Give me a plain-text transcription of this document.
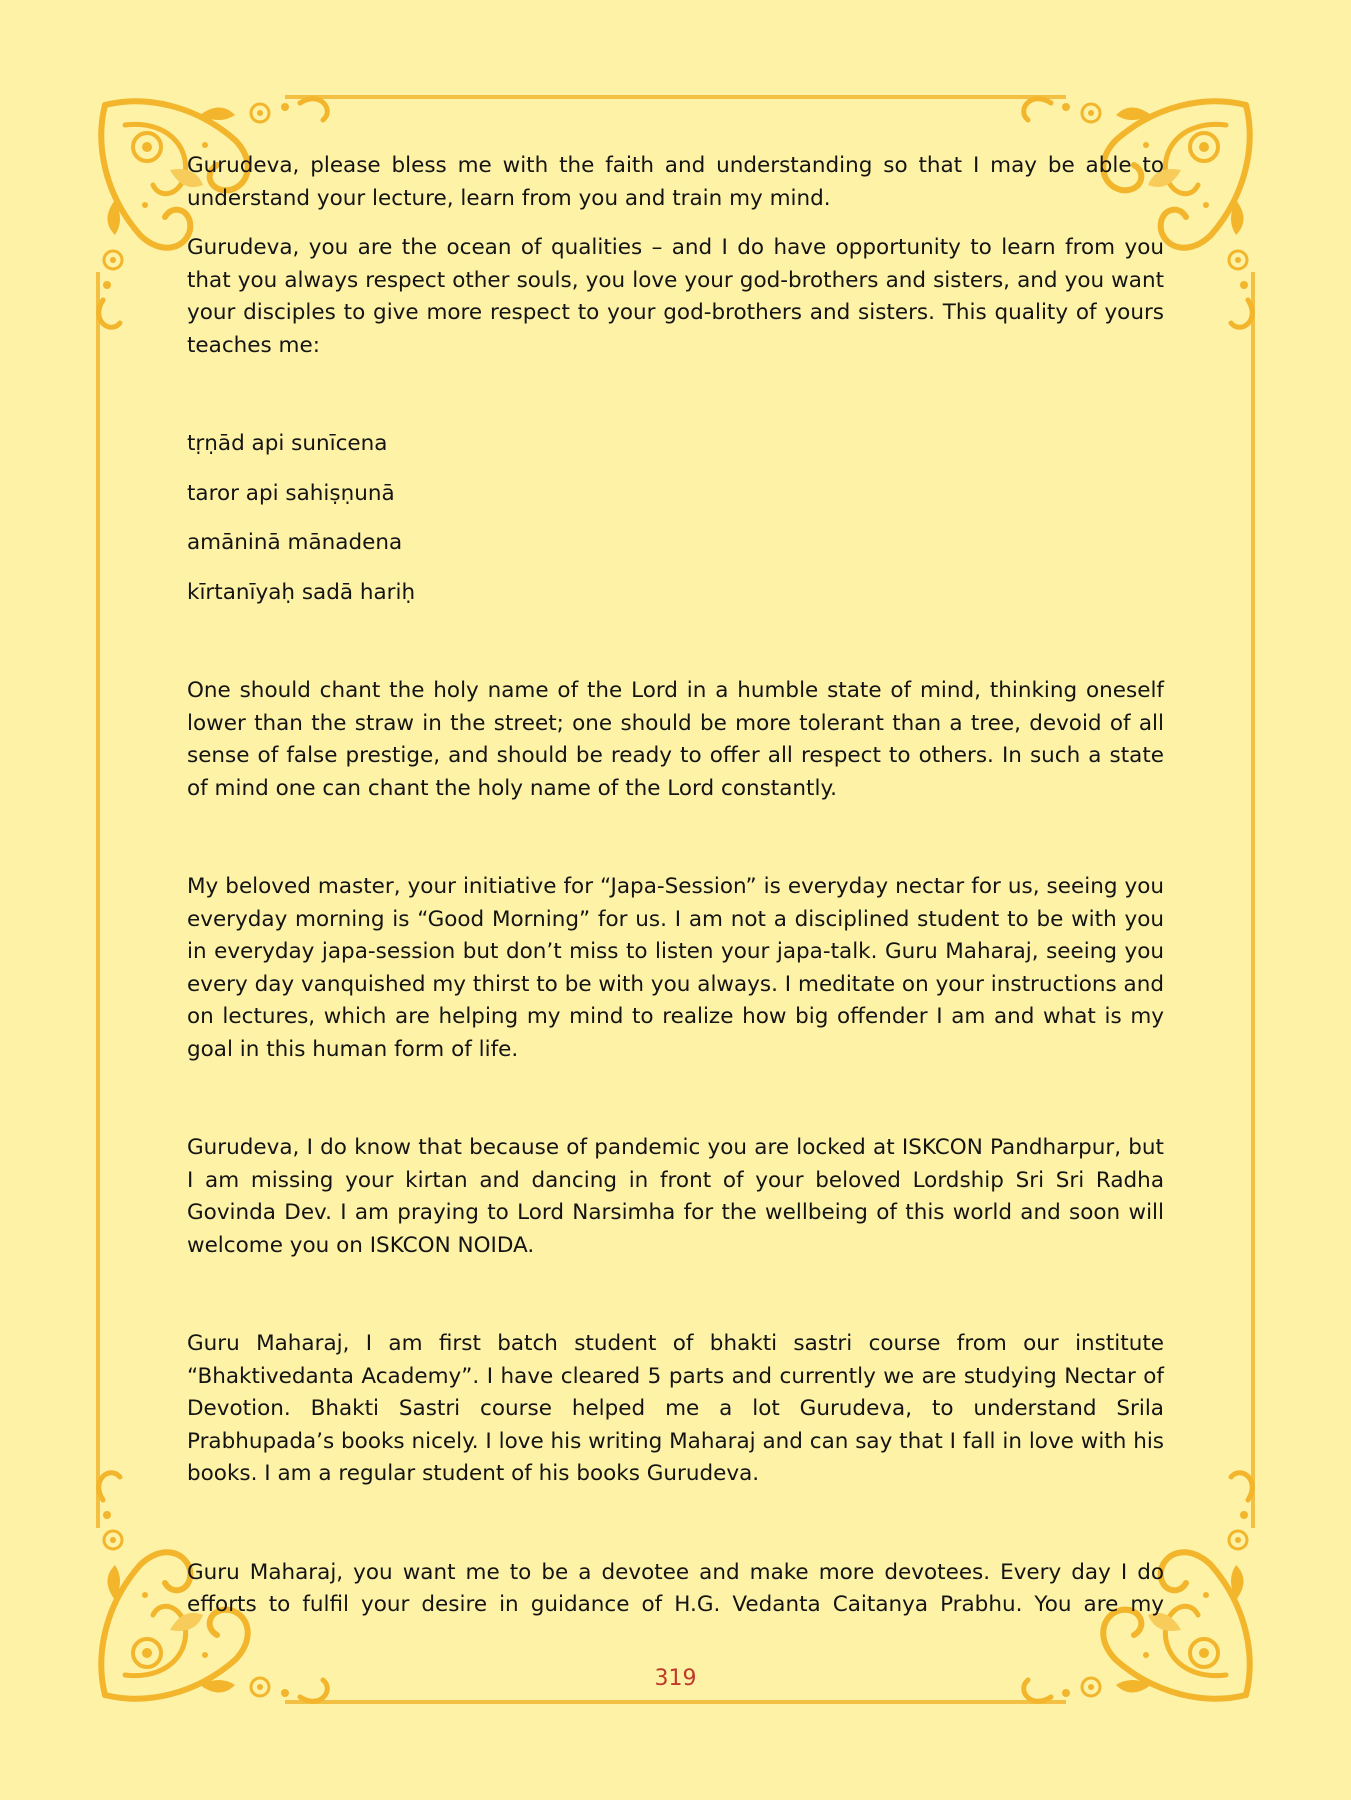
Gurudeva, please bless me with the faith and understanding so that I may be able to understand your lecture, learn from you and train my mind.

Gurudeva, you are the ocean of qualities – and I do have opportunity to learn from you that you always respect other souls, you love your god-brothers and sisters, and you want your disciples to give more respect to your god-brothers and sisters. This quality of yours teaches me:

tṛṇād api sunīcena

taror api sahiṣṇunā

amāninā mānadena

kīrtanīyaḥ sadā hariḥ

One should chant the holy name of the Lord in a humble state of mind, thinking oneself lower than the straw in the street; one should be more tolerant than a tree, devoid of all sense of false prestige, and should be ready to offer all respect to others. In such a state of mind one can chant the holy name of the Lord constantly.

My beloved master, your initiative for “Japa-Session” is everyday nectar for us, seeing you everyday morning is “Good Morning” for us. I am not a disciplined student to be with you in everyday japa-session but don’t miss to listen your japa-talk. Guru Maharaj, seeing you every day vanquished my thirst to be with you always. I meditate on your instructions and on lectures, which are helping my mind to realize how big offender I am and what is my goal in this human form of life.

Gurudeva, I do know that because of pandemic you are locked at ISKCON Pandharpur, but I am missing your kirtan and dancing in front of your beloved Lordship Sri Sri Radha Govinda Dev. I am praying to Lord Narsimha for the wellbeing of this world and soon will welcome you on ISKCON NOIDA.

Guru Maharaj, I am first batch student of bhakti sastri course from our institute “Bhaktivedanta Academy”. I have cleared 5 parts and currently we are studying Nectar of Devotion. Bhakti Sastri course helped me a lot Gurudeva, to understand Srila Prabhupada’s books nicely. I love his writing Maharaj and can say that I fall in love with his books. I am a regular student of his books Gurudeva.

Guru Maharaj, you want me to be a devotee and make more devotees. Every day I do efforts to fulfil your desire in guidance of H.G. Vedanta Caitanya Prabhu. You are my

319
